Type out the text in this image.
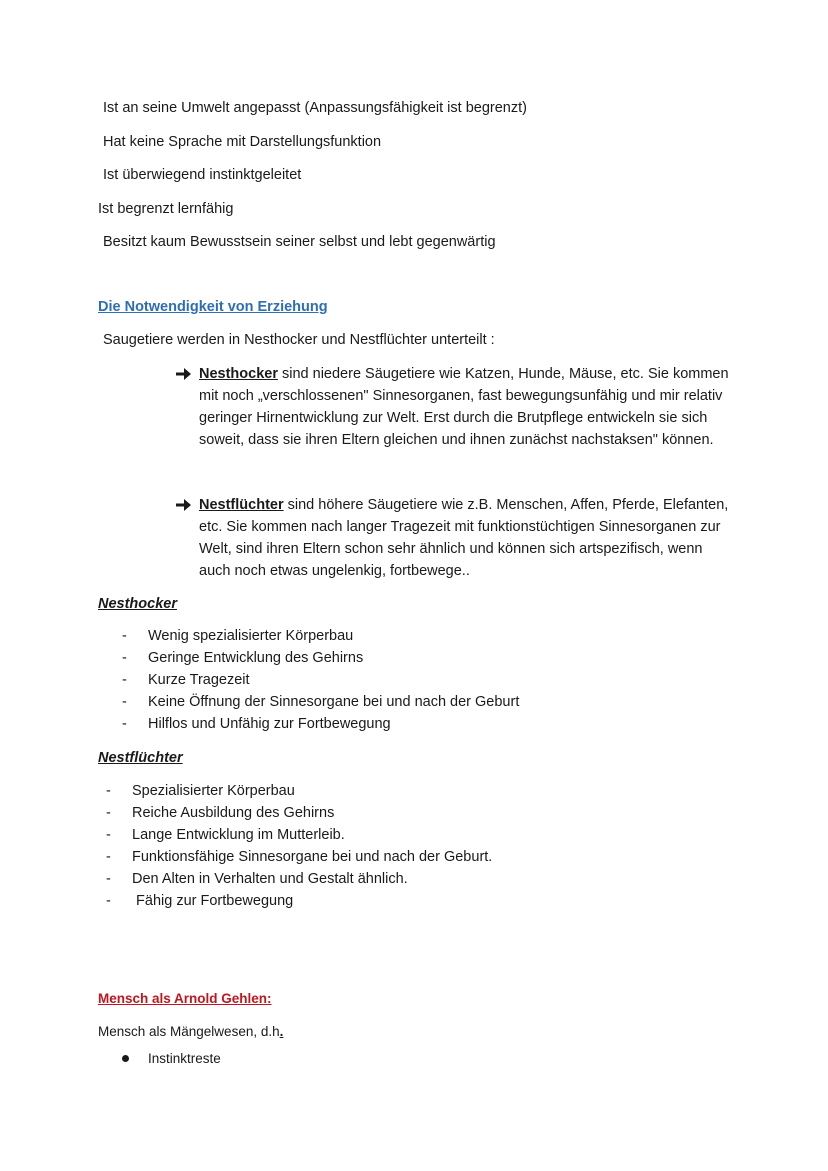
Ist an seine Umwelt angepasst (Anpassungsfähigkeit ist begrenzt)
Hat keine Sprache mit Darstellungsfunktion
Ist überwiegend instinktgeleitet
Ist begrenzt lernfähig
Besitzt kaum Bewusstsein seiner selbst und lebt gegenwärtig
Die Notwendigkeit von Erziehung
Saugetiere werden in Nesthocker und Nestflüchter unterteilt :
Nesthocker sind niedere Säugetiere wie Katzen, Hunde, Mäuse, etc. Sie kommen mit noch „verschlossenen" Sinnesorganen, fast bewegungsunfähig und mir relativ geringer Hirnentwicklung zur Welt. Erst durch die Brutpflege entwickeln sie sich soweit, dass sie ihren Eltern gleichen und ihnen zunächst nachstaksen" können.
Nestflüchter sind höhere Säugetiere wie z.B. Menschen, Affen, Pferde, Elefanten, etc. Sie kommen nach langer Tragezeit mit funktionstüchtigen Sinnesorganen zur Welt, sind ihren Eltern schon sehr ähnlich und können sich artspezifisch, wenn auch noch etwas ungelenkig, fortbewege..
Nesthocker
- Wenig spezialisierter Körperbau
- Geringe Entwicklung des Gehirns
- Kurze Tragezeit
- Keine Öffnung der Sinnesorgane bei und nach der Geburt
- Hilflos und Unfähig zur Fortbewegung
Nestflüchter
- Spezialisierter Körperbau
- Reiche Ausbildung des Gehirns
- Lange Entwicklung im Mutterleib.
- Funktionsfähige Sinnesorgane bei und nach der Geburt.
- Den Alten in Verhalten und Gestalt ähnlich.
- Fähig zur Fortbewegung
Mensch als Arnold Gehlen:
Mensch als Mängelwesen, d.h.
Instinktreste
